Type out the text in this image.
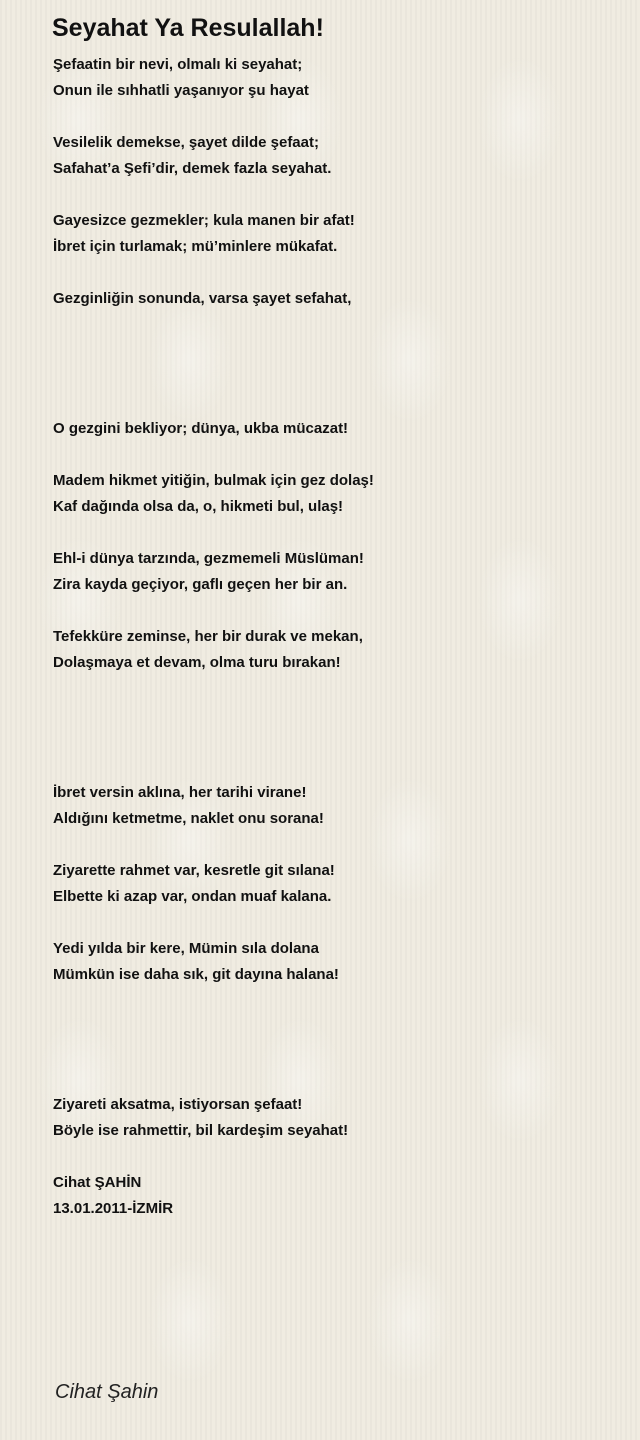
Seyahat Ya Resulallah!
Şefaatin bir nevi, olmalı ki seyahat;
Onun ile sıhhatli yaşanıyor şu hayat
Vesilelik demekse, şayet dilde şefaat;
Safahat’a Şefi’dir, demek fazla seyahat.
Gayesizce gezmekler; kula manen bir afat!
İbret için turlamak; mü’minlere mükafat.
Gezginliğin sonunda, varsa şayet sefahat,
O gezgini bekliyor; dünya, ukba mücazat!
Madem hikmet yitiğin, bulmak için gez dolaş!
Kaf dağında olsa da, o, hikmeti bul, ulaş!
Ehl-i dünya tarzında, gezmemeli Müslüman!
Zira kayda geçiyor, gaflı geçen her bir an.
Tefekküre zeminse, her bir durak ve mekan,
Dolaşmaya et devam, olma turu bırakan!
İbret versin aklına, her tarihi virane!
Aldığını ketmetme, naklet onu sorana!
Ziyarette rahmet var, kesretle git sılana!
Elbette ki azap var, ondan muaf kalana.
Yedi yılda bir kere, Mümin sıla dolana
Mümkün ise daha sık, git dayına halana!
Ziyareti aksatma, istiyorsan şefaat!
Böyle ise rahmettir, bil kardeşim seyahat!
Cihat ŞAHİN
13.01.2011-İZMİR
Cihat Şahin
